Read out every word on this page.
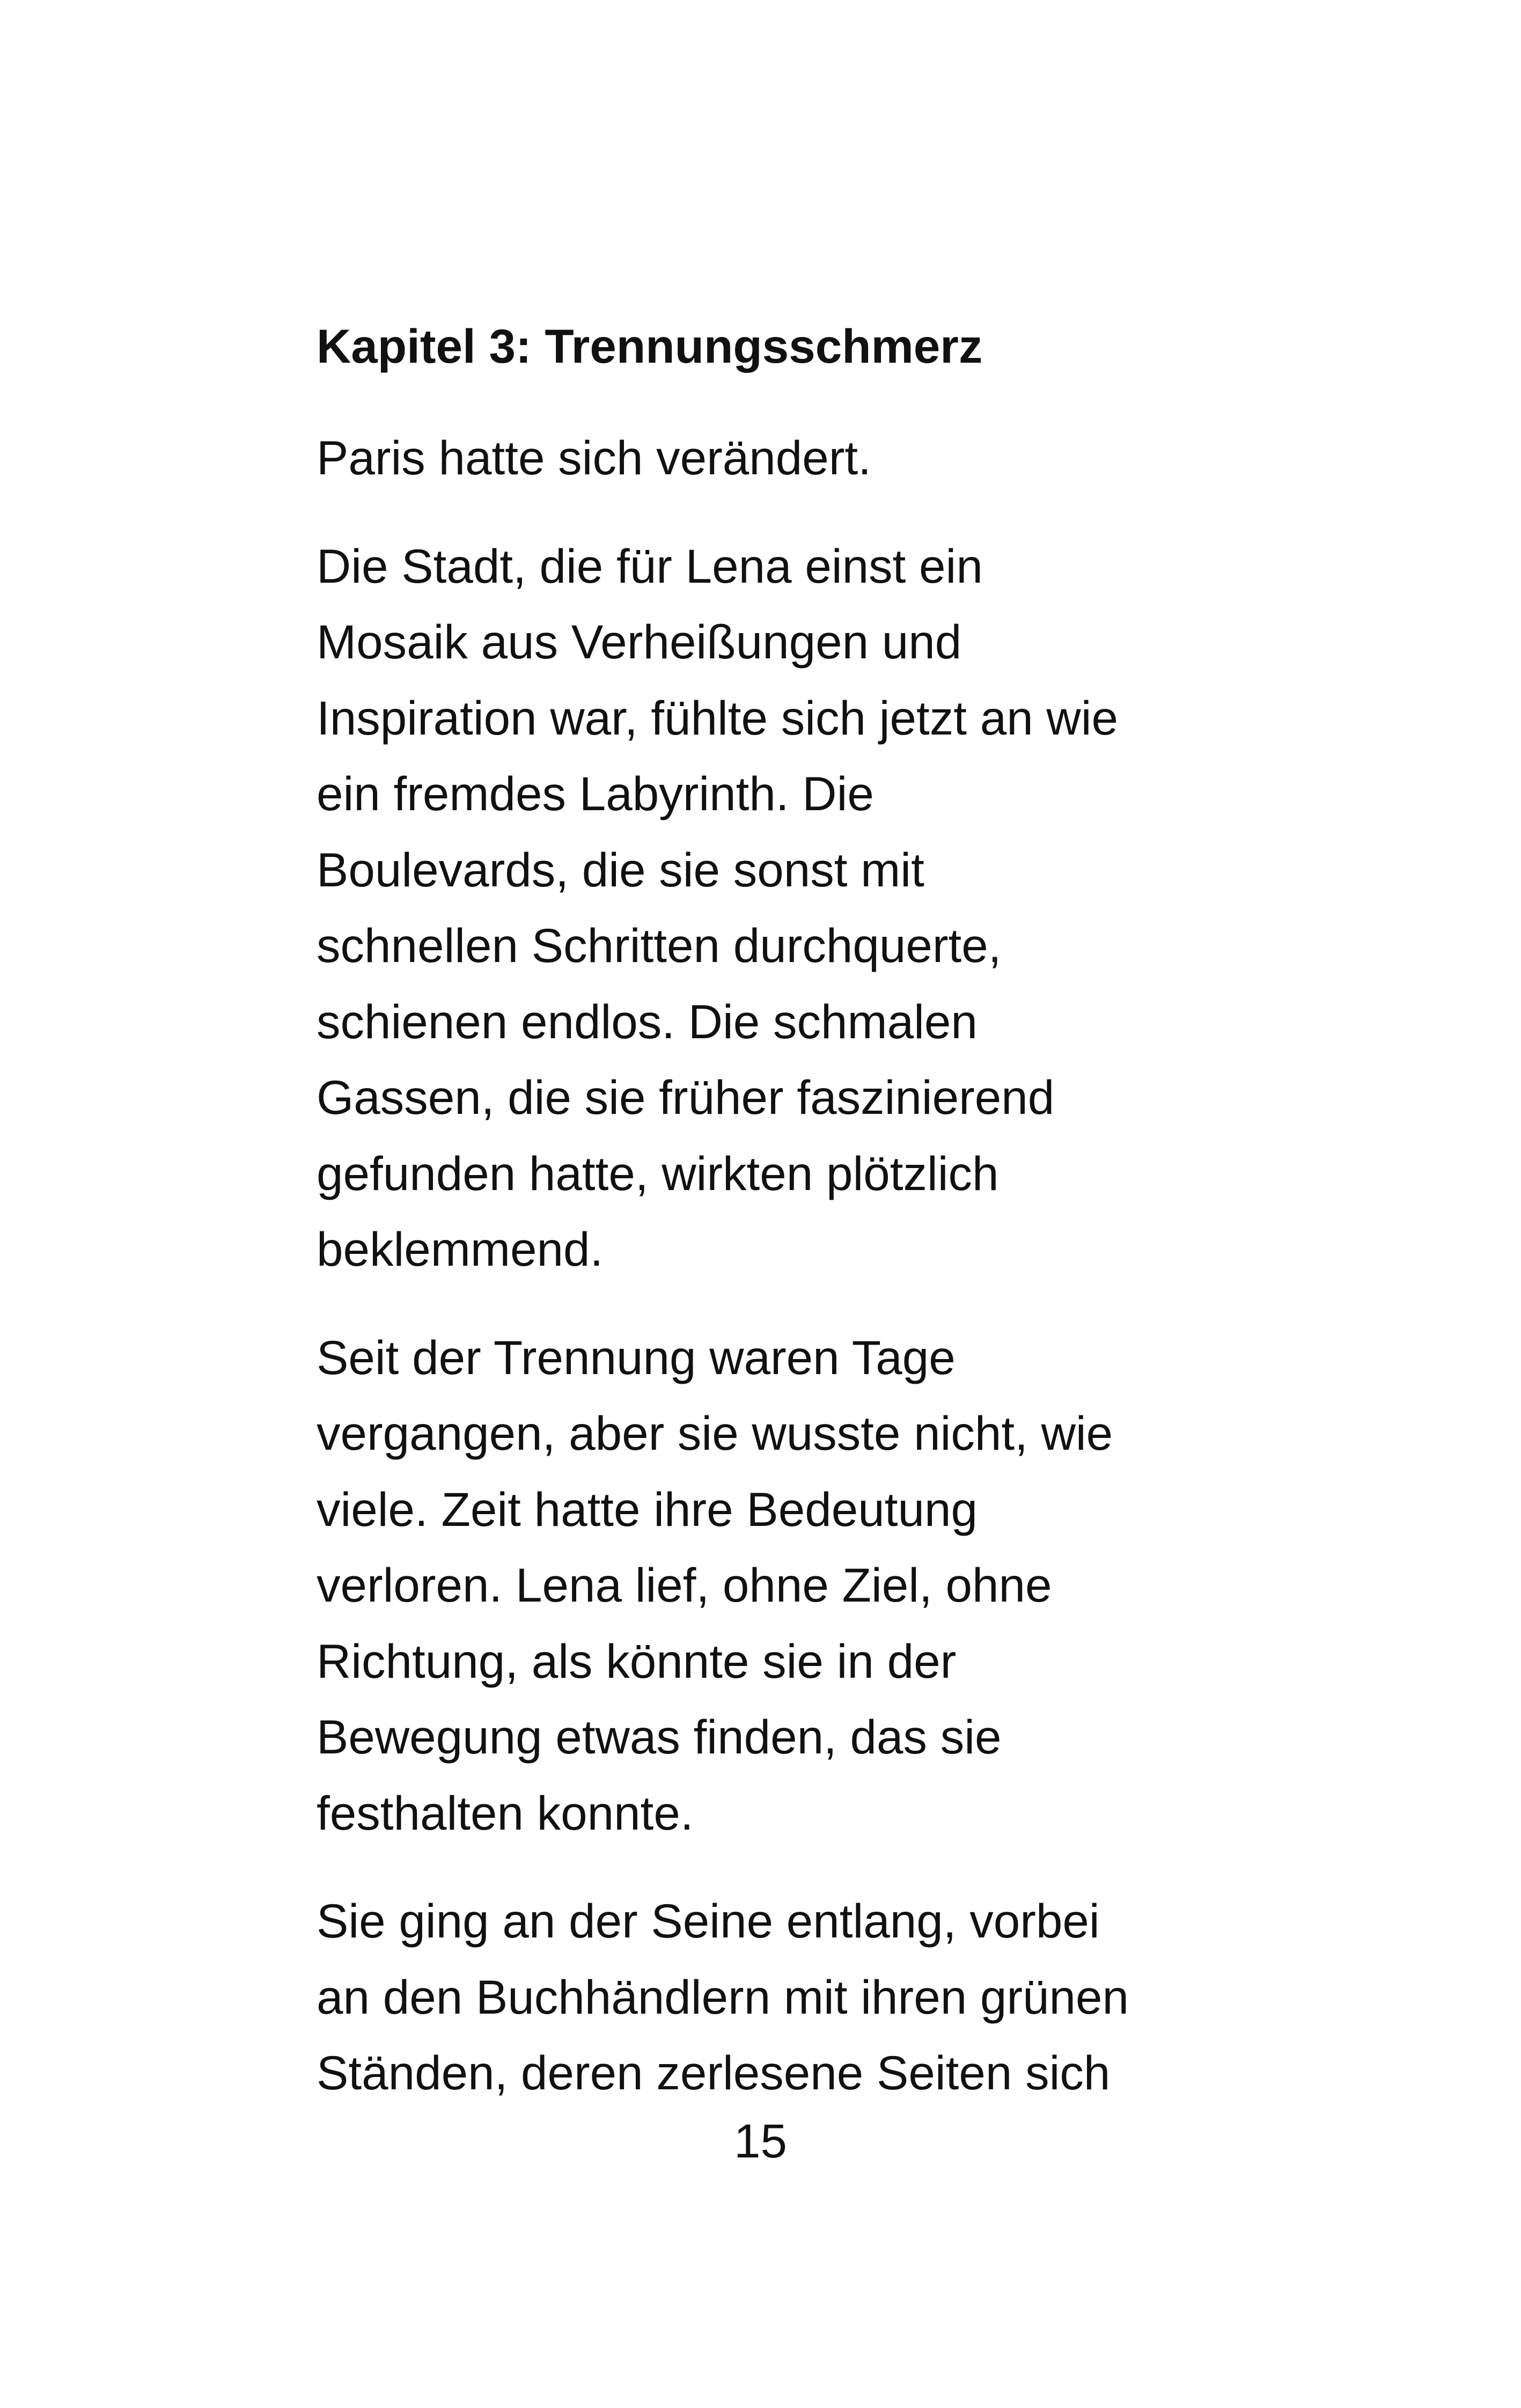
Kapitel 3: Trennungsschmerz

Paris hatte sich verändert.

Die Stadt, die für Lena einst ein
Mosaik aus Verheißungen und
Inspiration war, fühlte sich jetzt an wie
ein fremdes Labyrinth. Die
Boulevards, die sie sonst mit
schnellen Schritten durchquerte,
schienen endlos. Die schmalen
Gassen, die sie früher faszinierend
gefunden hatte, wirkten plötzlich
beklemmend.

Seit der Trennung waren Tage
vergangen, aber sie wusste nicht, wie
viele. Zeit hatte ihre Bedeutung
verloren. Lena lief, ohne Ziel, ohne
Richtung, als könnte sie in der
Bewegung etwas finden, das sie
festhalten konnte.

Sie ging an der Seine entlang, vorbei
an den Buchhändlern mit ihren grünen
Ständen, deren zerlesene Seiten sich

15
